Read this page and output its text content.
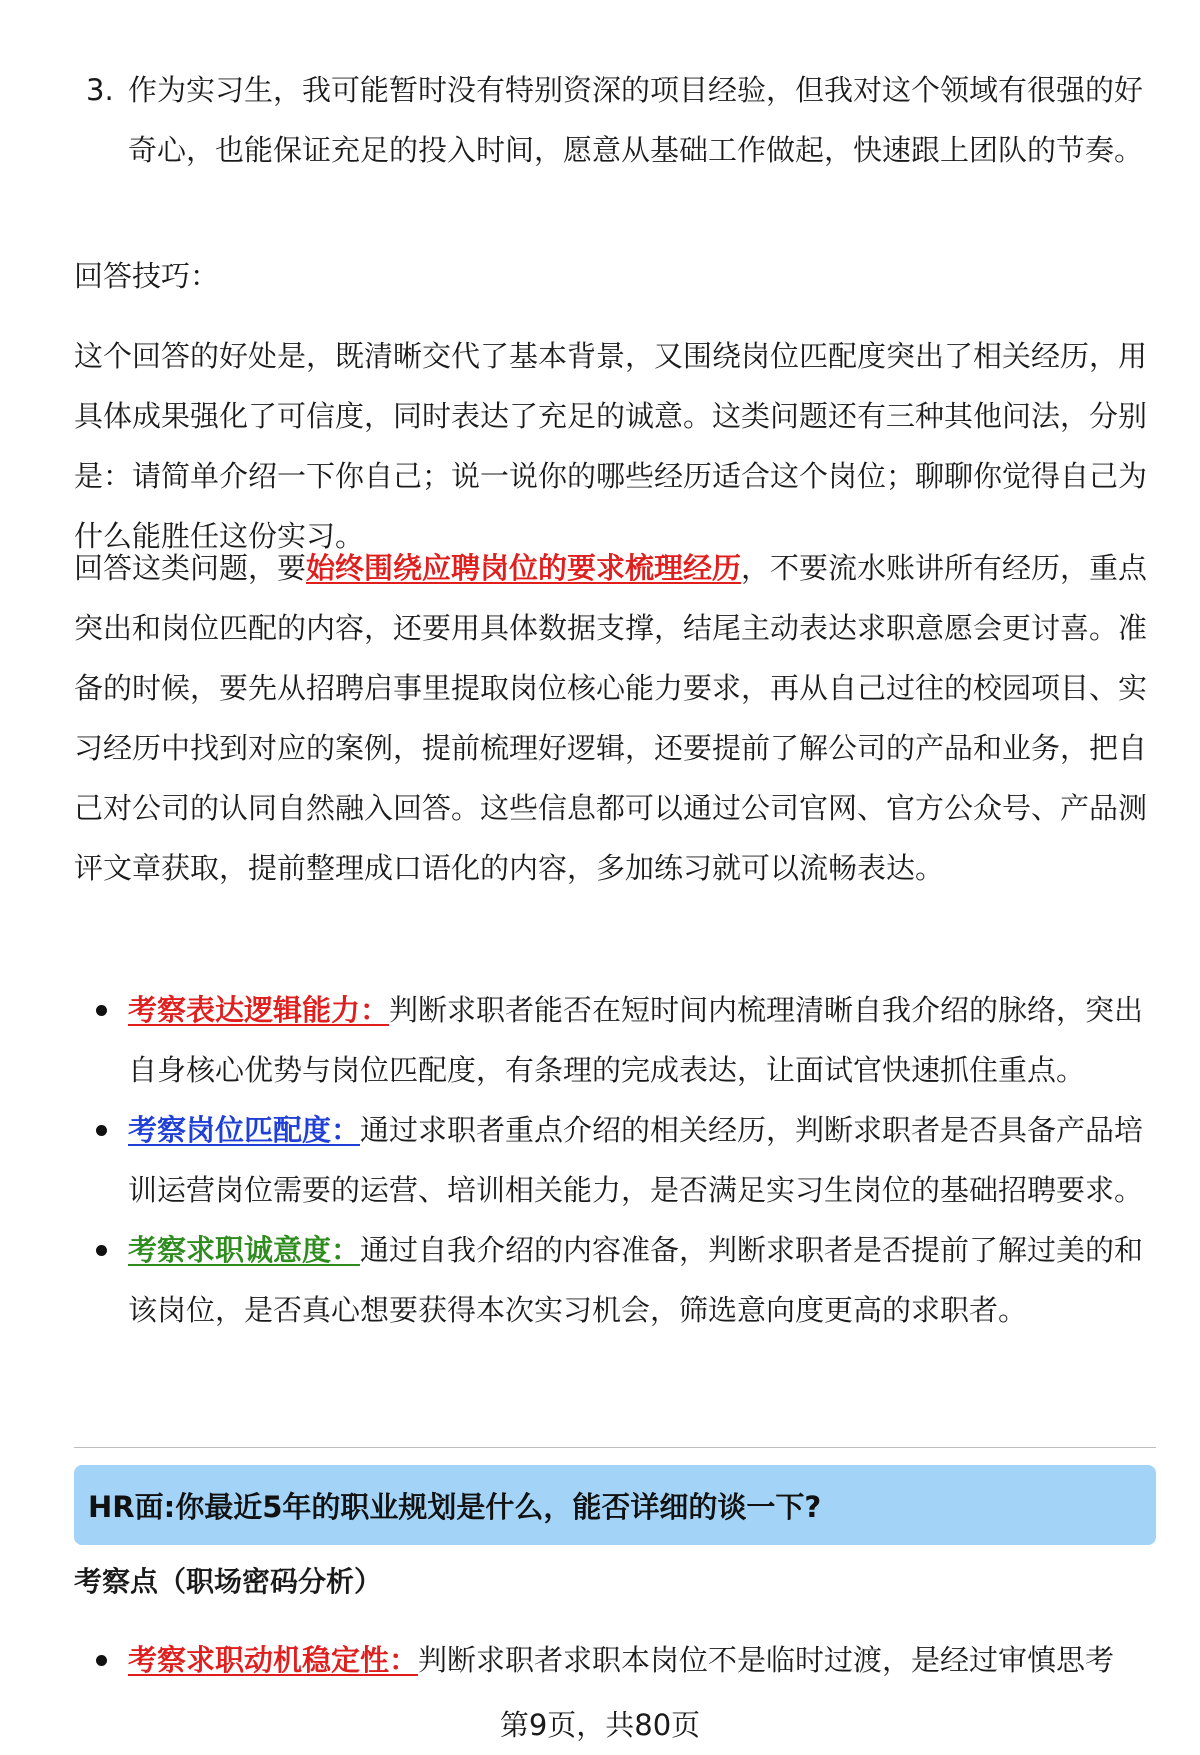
3. 作为实习生，我可能暂时没有特别资深的项目经验，但我对这个领域有很强的好奇心，也能保证充足的投入时间，愿意从基础工作做起，快速跟上团队的节奏。
回答技巧：
这个回答的好处是，既清晰交代了基本背景，又围绕岗位匹配度突出了相关经历，用具体成果强化了可信度，同时表达了充足的诚意。这类问题还有三种其他问法，分别是：请简单介绍一下你自己；说一说你的哪些经历适合这个岗位；聊聊你觉得自己为什么能胜任这份实习。
回答这类问题，要始终围绕应聘岗位的要求梳理经历，不要流水账讲所有经历，重点突出和岗位匹配的内容，还要用具体数据支撑，结尾主动表达求职意愿会更讨喜。准备的时候，要先从招聘启事里提取岗位核心能力要求，再从自己过往的校园项目、实习经历中找到对应的案例，提前梳理好逻辑，还要提前了解公司的产品和业务，把自己对公司的认同自然融入回答。这些信息都可以通过公司官网、官方公众号、产品测评文章获取，提前整理成口语化的内容，多加练习就可以流畅表达。
考察表达逻辑能力：判断求职者能否在短时间内梳理清晰自我介绍的脉络，突出自身核心优势与岗位匹配度，有条理的完成表达，让面试官快速抓住重点。
考察岗位匹配度：通过求职者重点介绍的相关经历，判断求职者是否具备产品培训运营岗位需要的运营、培训相关能力，是否满足实习生岗位的基础招聘要求。
考察求职诚意度：通过自我介绍的内容准备，判断求职者是否提前了解过美的和该岗位，是否真心想要获得本次实习机会，筛选意向度更高的求职者。
HR面:你最近5年的职业规划是什么，能否详细的谈一下?
考察点（职场密码分析）
考察求职动机稳定性：判断求职者求职本岗位不是临时过渡，是经过审慎思考
第9页，共80页
